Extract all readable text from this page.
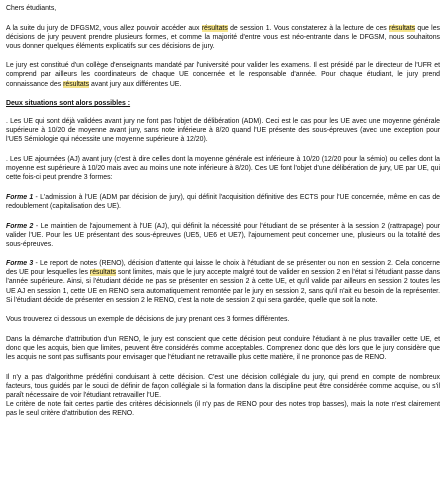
Chers étudiants,

A la suite du jury de DFGSM2, vous allez pouvoir accéder aux résultats de session 1. Vous constaterez à la lecture de ces résultats que les décisions de jury peuvent prendre plusieurs formes, et comme la majorité d'entre vous est néo-entrante dans le DFGSM, nous souhaitons vous donner quelques éléments explicatifs sur ces décisions de jury.

Le jury est constitué d'un collège d'enseignants mandaté par l'université pour valider les examens. Il est présidé par le directeur de l'UFR et comprend par ailleurs les coordinateurs de chaque UE concernée et le responsable d'année. Pour chaque étudiant, le jury prend connaissance des résultats avant jury aux différentes UE.

Deux situations sont alors possibles :

. Les UE qui sont déjà validées avant jury ne font pas l'objet de délibération (ADM). Ceci est le cas pour les UE avec une moyenne générale supérieure à 10/20 de moyenne avant jury, sans note inférieure à 8/20 quand l'UE présente des sous-épreuves (avec une exception pour l'UE5 Sémiologie qui nécessite une moyenne supérieure à 12/20).

. Les UE ajournées (AJ) avant jury (c'est à dire celles dont la moyenne générale est inférieure à 10/20 (12/20 pour la sémio) ou celles dont la moyenne est supérieure à 10/20 mais avec au moins une note inférieure à 8/20). Ces UE font l'objet d'une délibération de jury, UE par UE, qui cette fois-ci peut prendre 3 formes:

Forme 1 - L'admission à l'UE (ADM par décision de jury), qui définit l'acquisition définitive des ECTS pour l'UE concernée, même en cas de redoublement (capitalisation des UE).

Forme 2 - Le maintien de l'ajournement à l'UE (AJ), qui définit la nécessité pour l'étudiant de se présenter à la session 2 (rattrapage) pour valider l'UE. Pour les UE présentant des sous-épreuves (UE5, UE6 et UE7), l'ajournement peut concerner une, plusieurs ou la totalité des sous-épreuves.

Forme 3 - Le report de notes (RENO), décision d'attente qui laisse le choix à l'étudiant de se présenter ou non en session 2. Cela concerne des UE pour lesquelles les résultats sont limites, mais que le jury accepte malgré tout de valider en session 2 en l'état si l'étudiant passe dans l'année supérieure. Ainsi, si l'étudiant décide ne pas se présenter en session 2 à cette UE, et qu'il valide par ailleurs en session 2 toutes les UE AJ en session 1, cette UE en RENO sera automatiquement remontée par le jury en session 2, sans qu'il n'ait eu besoin de la représenter. Si l'étudiant décide de présenter en session 2 le RENO, c'est la note de session 2 qui sera gardée, quelle que soit la note.

Vous trouverez ci dessous un exemple de décisions de jury prenant ces 3 formes différentes.

Dans la démarche d'attribution d'un RENO, le jury est conscient que cette décision peut conduire l'étudiant à ne plus travailler cette UE, et donc que les acquis, bien que limites, peuvent être considérés comme acceptables. Comprenez donc que dès lors que le jury considère que les acquis ne sont pas suffisants pour envisager que l'étudiant ne retravaille plus cette matière, il ne prononce pas de RENO.

Il n'y a pas d'algorithme prédéfini conduisant à cette décision. C'est une décision collégiale du jury, qui prend en compte de nombreux facteurs, tous guidés par le souci de définir de façon collégiale si la formation dans la discipline peut être considérée comme acquise, ou s'il paraît nécessaire de voir l'étudiant retravailler l'UE.

Le critère de note fait certes partie des critères décisionnels (il n'y pas de RENO pour des notes trop basses), mais la note n'est clairement pas le seul critère d'attribution des RENO.
